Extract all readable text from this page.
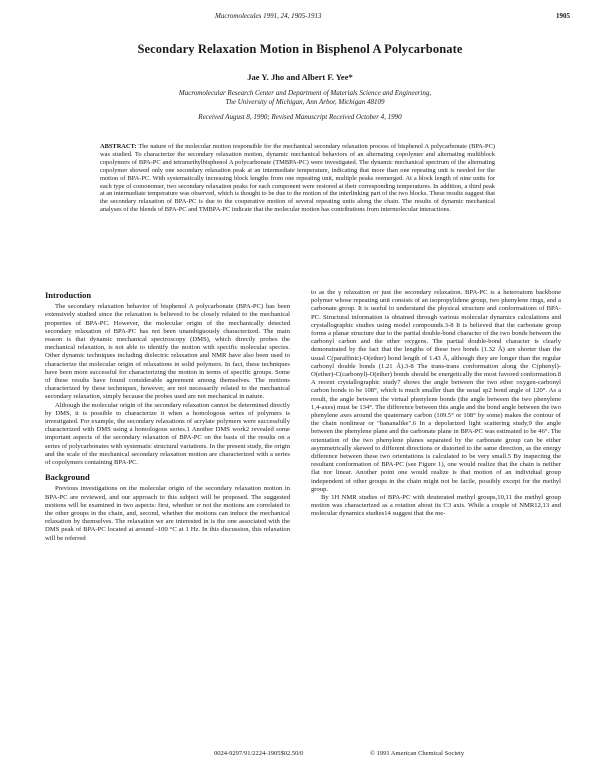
Macromolecules 1991, 24, 1905-1913	1905
Secondary Relaxation Motion in Bisphenol A Polycarbonate
Jae Y. Jho and Albert F. Yee*
Macromolecular Research Center and Department of Materials Science and Engineering,
The University of Michigan, Ann Arbor, Michigan 48109
Received August 8, 1990; Revised Manuscript Received October 4, 1990
ABSTRACT: The nature of the molecular motion responsible for the mechanical secondary relaxation process of bisphenol A polycarbonate (BPA-PC) was studied. To characterize the secondary relaxation motion, dynamic mechanical behaviors of an alternating copolymer and alternating multiblock copolymers of BPA-PC and tetramethylbisphenol A polycarbonate (TMBPA-PC) were investigated. The dynamic mechanical spectrum of the alternating copolymer showed only one secondary relaxation peak at an intermediate temperature, indicating that more than one repeating unit is needed for the motion of BPA-PC. With systematically increasing block lengths from one repeating unit, multiple peaks reemerged. At a block length of nine units for each type of comonomer, two secondary relaxation peaks for each component were restored at their corresponding temperatures. In addition, a third peak at an intermediate temperature was observed, which is thought to be due to the motion of the interlinking part of the two blocks. These results suggest that the secondary relaxation of BPA-PC is due to the cooperative motion of several repeating units along the chain. The results of dynamic mechanical analyses of the blends of BPA-PC and TMBPA-PC indicate that the molecular motion has contributions from intermolecular interactions.
Introduction

The secondary relaxation behavior of bisphenol A polycarbonate (BPA-PC) has been extensively studied since the relaxation is believed to be closely related to the mechanical properties of BPA-PC. However, the molecular origin of the mechanically detected secondary relaxation of BPA-PC has not been unambiguously characterized. The main reason is that dynamic mechanical spectroscopy (DMS), which directly probes the mechanical relaxation, is not able to identify the motion with specific molecular species. Other dynamic techniques including dielectric relaxation and NMR have also been used to characterize the molecular origin of relaxations in solid polymers. In fact, these techniques have been more successful for characterizing the motion in terms of specific groups. Some of these results have found considerable agreement among themselves. The motions characterized by these techniques, however, are not necessarily related to the mechanical secondary relaxation, simply because the probes used are not mechanical in nature.

Although the molecular origin of the secondary relaxation cannot be determined directly by DMS, it is possible to characterize it when a homologous series of polymers is investigated. For example, the secondary relaxations of acrylate polymers were successfully characterized with DMS using a homologous series.1 Another DMS work2 revealed some important aspects of the secondary relaxation of BPA-PC on the basis of the results on a series of polycarbonates with systematic structural variations. In the present study, the origin and the scale of the mechanical secondary relaxation motion are characterized with a series of copolymers containing BPA-PC.

Background

Previous investigations on the molecular origin of the secondary relaxation motion in BPA-PC are reviewed, and our approach to this subject will be proposed. The suggested motions will be examined in two aspects: first, whether or not the motions are correlated to the other groups in the chain, and, second, whether the motions can induce the mechanical relaxation by themselves. The relaxation we are interested in is the one associated with the DMS peak of BPA-PC located at around -100 °C at 1 Hz. In this discussion, this relaxation will be referred

to as the γ relaxation or just the secondary relaxation. BPA-PC is a heteroatom backbone polymer whose repeating unit consists of an isopropylidene group, two phenylene rings, and a carbonate group. It is useful to understand the physical structure and conformations of BPA-PC. Structural information is obtained through various molecular dynamics calculations and crystallographic studies using model compounds.3-8 It is believed that the carbonate group forms a planar structure due to the partial double-bond character of the two bonds between the carbonyl carbon and the ether oxygens. The partial double-bond character is clearly demonstrated by the fact that the lengths of these two bonds (1.32 Å) are shorter than the usual C(paraffinic)-O(ether) bond length of 1.43 Å, although they are longer than the regular carbonyl double bonds (1.21 Å).3-8 The trans-trans conformation along the C(phenyl)-O(ether)-C(carbonyl)-O(ether) bonds should be energetically the most favored conformation.8 A recent crystallographic study7 shows the angle between the two ether oxygen-carbonyl carbon bonds to be 108°, which is much smaller than the usual sp2 bond angle of 120°. As a result, the angle between the virtual phenylene bonds (the angle between the two phenylene 1,4-axes) must be 134°. The difference between this angle and the bond angle between the two phenylene axes around the quaternary carbon (109.5° or 108° by some) makes the contour of the chain nonlinear or "bananalike".6 In a depolarized light scattering study,9 the angle between the phenylene plane and the carbonate plane in BPA-PC was estimated to be 46°. The orientation of the two phenylene planes separated by the carbonate group can be either asymmetrically skewed to different directions or distorted to the same direction, as the energy difference between these two orientations is calculated to be very small.5 By inspecting the resultant conformation of BPA-PC (see Figure 1), one would realize that the chain is neither flat nor linear. Another point one would realize is that motion of an individual group independent of other groups in the chain might not be facile, possibly except for the methyl group.

By 1H NMR studies of BPA-PC with deuterated methyl groups,10,11 the methyl group motion was characterized as a rotation about its C3 axis. While a couple of NMR12,13 and molecular dynamics studies14 suggest that the me-

0024-9297/91/2224-1905$02.50/0	© 1991 American Chemical Society
